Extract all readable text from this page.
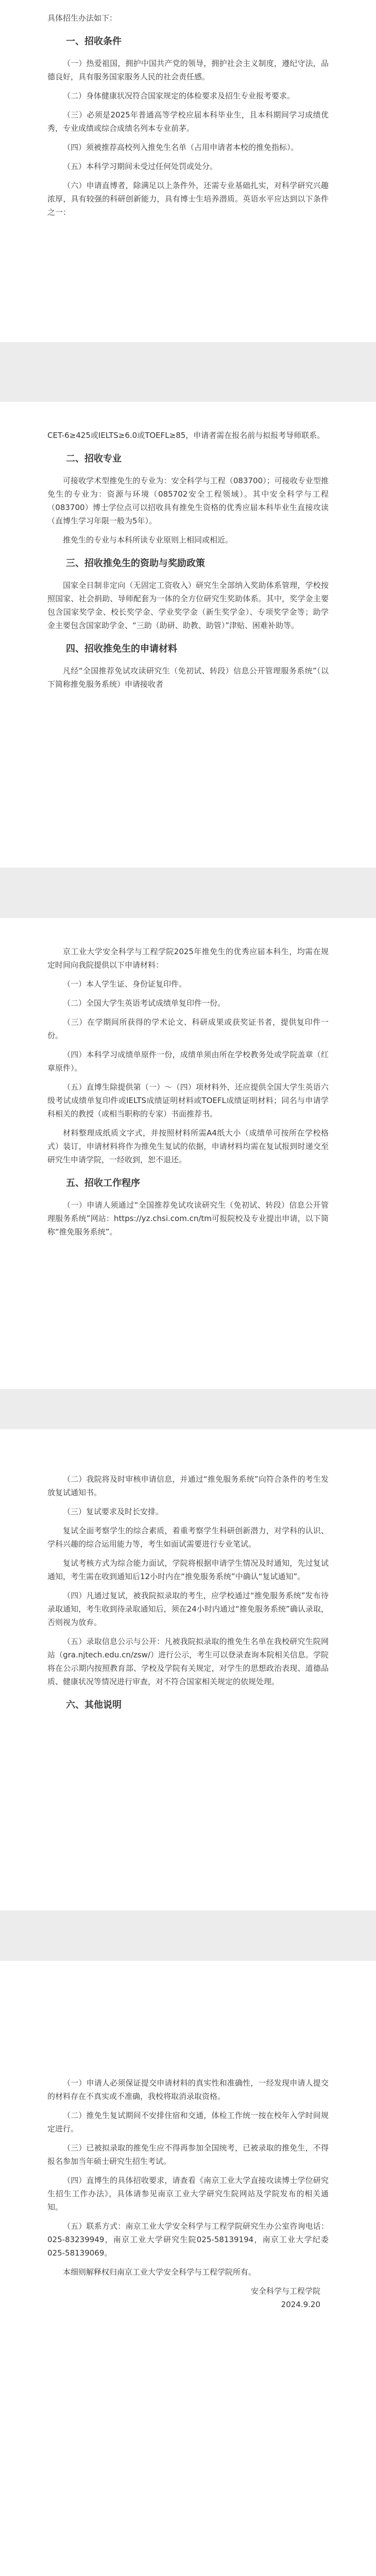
具体招生办法如下：

一、招收条件

（一）热爱祖国，拥护中国共产党的领导，拥护社会主义制度，遵纪守法，品德良好，具有服务国家服务人民的社会责任感。

（二）身体健康状况符合国家规定的体检要求及招生专业报考要求。

（三）必须是2025年普通高等学校应届本科毕业生，且本科期间学习成绩优秀，专业成绩或综合成绩名列本专业前茅。

（四）须被推荐高校列入推免生名单（占用申请者本校的推免指标）。

（五）本科学习期间未受过任何处罚或处分。

（六）申请直博者，除满足以上条件外，还需专业基础扎实，对科学研究兴趣浓厚，具有较强的科研创新能力，具有博士生培养潜质。英语水平应达到以下条件之一：

CET-6≥425或IELTS≥6.0或TOEFL≥85，申请者需在报名前与拟报考导师联系。

二、招收专业

可接收学术型推免生的专业为：安全科学与工程（083700）；可接收专业型推免生的专业为：资源与环境（085702安全工程领域）。其中安全科学与工程（083700）博士学位点可以招收具有推免生资格的优秀应届本科毕业生直接攻读（直博生学习年限一般为5年）。

推免生的专业与本科所读专业原则上相同或相近。

三、招收推免生的资助与奖励政策

国家全日制非定向（无固定工资收入）研究生全部纳入奖助体系管理，学校按照国家、社会捐助、导师配套为一体的全方位研究生奖助体系。其中，奖学金主要包含国家奖学金、校长奖学金、学业奖学金（新生奖学金）、专项奖学金等；助学金主要包含国家助学金、“三助（助研、助教、助管）”津贴、困难补助等。

四、招收推免生的申请材料

凡经“全国推荐免试攻读研究生（免初试、转段）信息公开管理服务系统”（以下简称推免服务系统）申请接收者

京工业大学安全科学与工程学院2025年推免生的优秀应届本科生，均需在规定时间向我院提供以下申请材料：

（一）本人学生证、身份证复印件。

（二）全国大学生英语考试成绩单复印件一份。

（三）在学期间所获得的学术论文、科研成果或获奖证书者，提供复印件一份。

（四）本科学习成绩单原件一份，成绩单须由所在学校教务处或学院盖章（红章原件）。

（五）直博生除提供第（一）～（四）项材料外，还应提供全国大学生英语六级考试成绩单复印件或IELTS成绩证明材料或TOEFL成绩证明材料；同名与申请学科相关的教授（或相当职称的专家）书面推荐书。

材料整理成纸质文字式，并按照材料所需A4纸大小（成绩单可按所在学校格式）装订，申请材料将作为推免生复试的依据，申请材料均需在复试报到时递交至研究生申请学院，一经收到，恕不退还。

五、招收工作程序

（一）申请人须通过“全国推荐免试攻读研究生（免初试、转段）信息公开管理服务系统”网站：https://yz.chsi.com.cn/tm可报院校及专业提出申请，以下简称“推免服务系统”。

（二）我院将及时审核申请信息，并通过“推免服务系统”向符合条件的考生发放复试通知书。

（三）复试要求及时长安排。

复试全面考察学生的综合素质，着重考察学生科研创新潜力，对学科的认识、学科兴趣的综合运用能力等，考生如面试需要进行专业笔试。

复试考核方式为综合能力面试，学院将根据申请学生情况及时通知，先过复试通知，考生需在收到通知后12小时内在“推免服务系统”中确认“复试通知”。

（四）凡通过复试，被我院拟录取的考生，应学校通过“推免服务系统”发布待录取通知，考生收到待录取通知后，须在24小时内通过“推免服务系统”确认录取，否则视为放弃。

（五）录取信息公示与公开：凡被我院拟录取的推免生名单在我校研究生院网站（gra.njtech.edu.cn/zsw/）进行公示，考生可以登录查询本院相关信息。学院将在公示期内按照教育部、学校及学院有关规定，对学生的思想政治表现、道德品质、健康状况等情况进行审查，对不符合国家相关规定的依规处理。

六、其他说明

（一）申请人必须保证提交申请材料的真实性和准确性，一经发现申请人提交的材料存在不真实或不准确，我校将取消录取资格。

（二）推免生复试期间不安排住宿和交通，体检工作统一按在校年入学时间规定进行。

（三）已被拟录取的推免生应不得再参加全国统考，已被录取的推免生，不得报名参加当年硕士研究生招生考试。

（四）直博生的具体招收要求，请查看《南京工业大学直接攻读博士学位研究生招生工作办法》，具体请参见南京工业大学研究生院网站及学院发布的相关通知。

（五）联系方式：南京工业大学安全科学与工程学院研究生办公室咨询电话：025-83239949，南京工业大学研究生院025-58139194，南京工业大学纪委025-58139069。

本细则解释权归南京工业大学安全科学与工程学院所有。

安全科学与工程学院

2024.9.20
